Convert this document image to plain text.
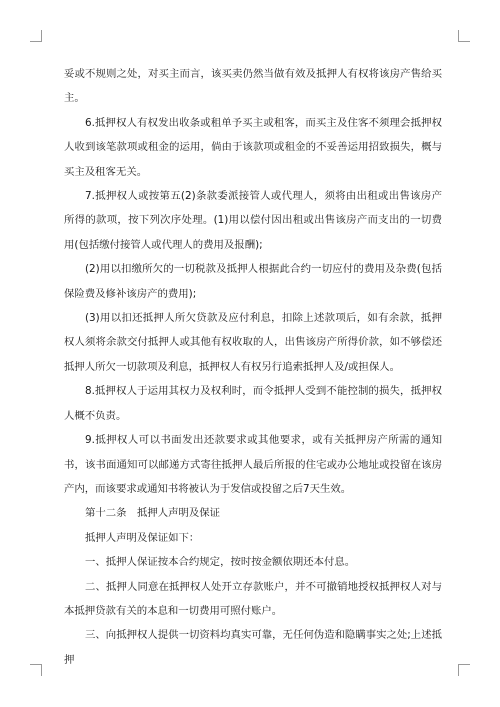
妥或不规则之处，对买主而言，该买卖仍然当做有效及抵押人有权将该房产售给买主。

6.抵押权人有权发出收条或租单予买主或租客，而买主及住客不须理会抵押权人收到该笔款项或租金的运用，倘由于该款项或租金的不妥善运用招致损失，概与买主及租客无关。

7.抵押权人或按第五(2)条款委派接管人或代理人，须将由出租或出售该房产所得的款项，按下列次序处理。(1)用以偿付因出租或出售该房产而支出的一切费用(包括缴付接管人或代理人的费用及报酬);

(2)用以扣缴所欠的一切税款及抵押人根据此合约一切应付的费用及杂费(包括保险费及修补该房产的费用);

(3)用以扣还抵押人所欠贷款及应付利息，扣除上述款项后，如有余款，抵押权人须将余款交付抵押人或其他有权收取的人，出售该房产所得价款，如不够偿还抵押人所欠一切款项及利息，抵押权人有权另行追索抵押人及/或担保人。

8.抵押权人于运用其权力及权利时，而令抵押人受到不能控制的损失，抵押权人概不负责。

9.抵押权人可以书面发出还款要求或其他要求，或有关抵押房产所需的通知书，该书面通知可以邮递方式寄往抵押人最后所报的住宅或办公地址或投留在该房产内，而该要求或通知书将被认为于发信或投留之后7天生效。

第十二条　抵押人声明及保证

抵押人声明及保证如下：

一、抵押人保证按本合约规定，按时按金额依期还本付息。

二、抵押人同意在抵押权人处开立存款账户，并不可撤销地授权抵押权人对与本抵押贷款有关的本息和一切费用可照付账户。

三、向抵押权人提供一切资料均真实可靠，无任何伪造和隐瞒事实之处;上述抵押
